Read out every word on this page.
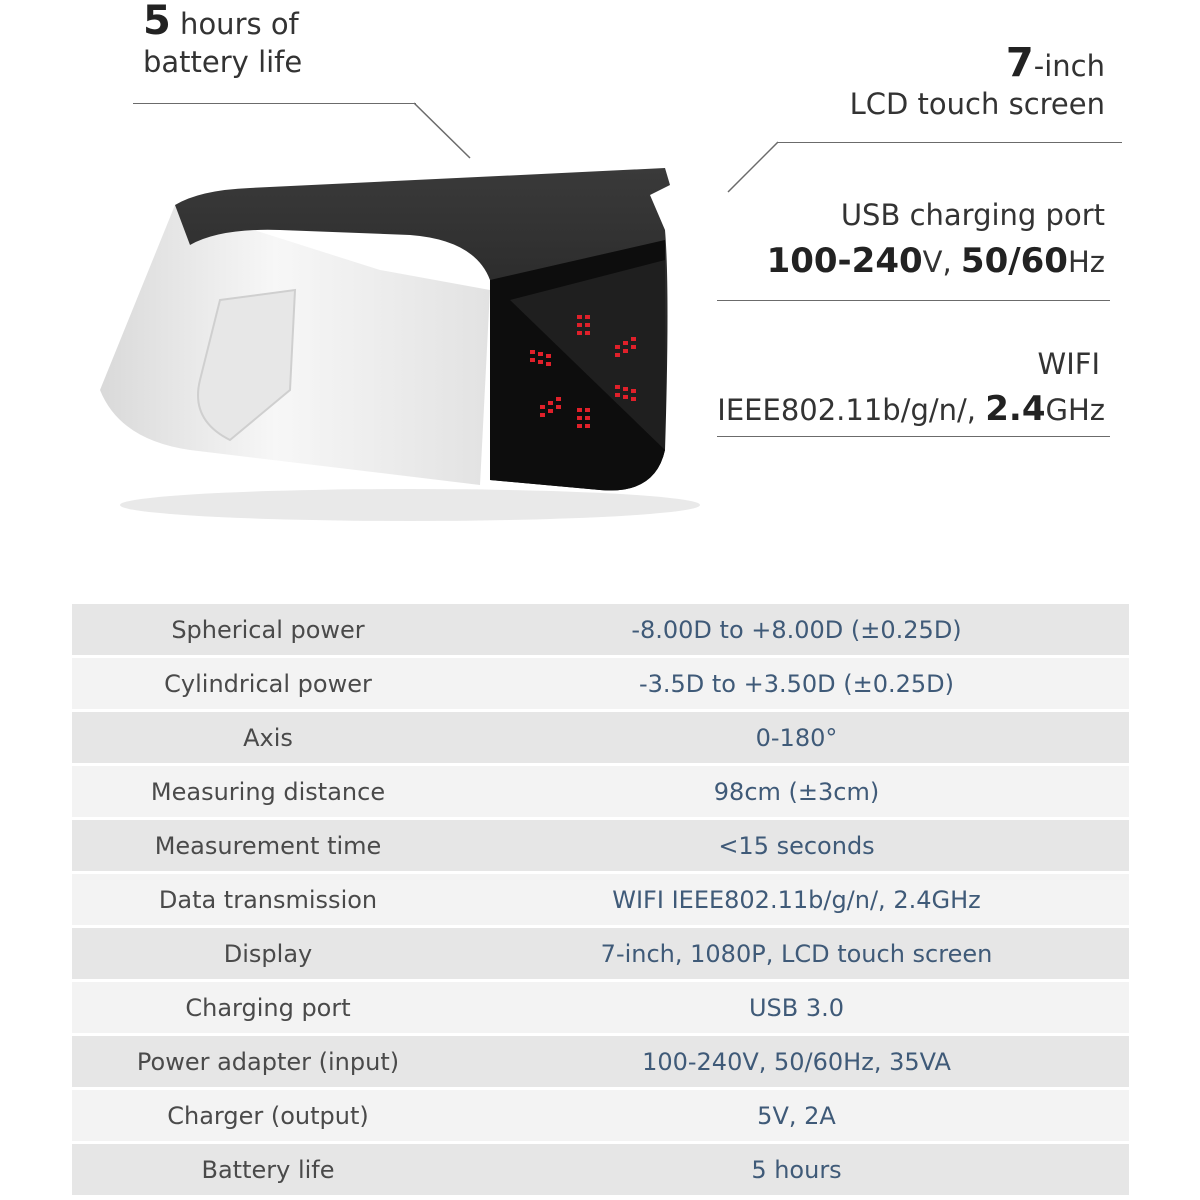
5 hours of
battery life	7-inch
LCD touch screen
USB charging port
100-240V, 50/60Hz
WIFI
IEEE802.11b/g/n/, 2.4GHz
Spherical power	-8.00D to +8.00D (±0.25D)
Cylindrical power	-3.5D to +3.50D (±0.25D)
Axis	0-180°
Measuring distance	98cm (±3cm)
Measurement time	<15 seconds
Data transmission	WIFI IEEE802.11b/g/n/, 2.4GHz
Display	7-inch, 1080P, LCD touch screen
Charging port	USB 3.0
Power adapter (input)	100-240V, 50/60Hz, 35VA
Charger (output)	5V, 2A
Battery life	5 hours
